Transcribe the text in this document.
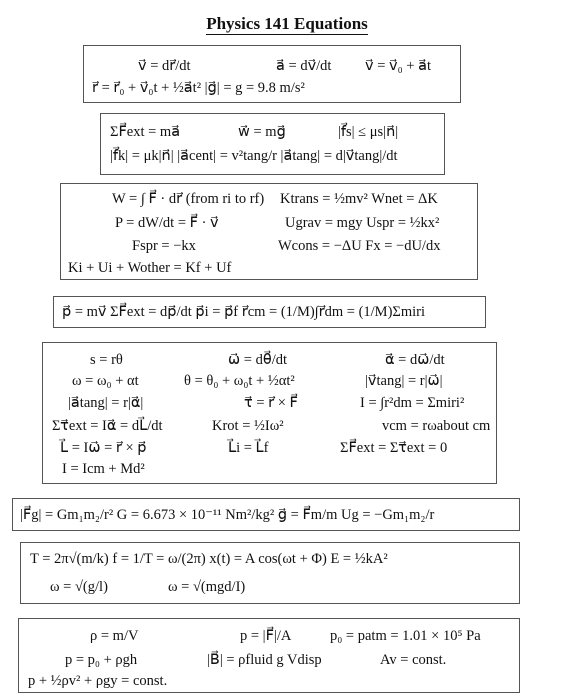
Physics 141 Equations
v⃗ = dr⃗/dt	a⃗ = dv⃗/dt v⃗ = v⃗₀ + a⃗t
r⃗ = r⃗₀ + v⃗₀t + ½a⃗t² |g⃗| = g = 9.8 m/s²
ΣF⃗ext = ma⃗	w⃗ = mg⃗	|f⃗s| ≤ μs|n⃗|
|f⃗k| = μk|n⃗| |a⃗cent| = v²tang/r |a⃗tang| = d|v⃗tang|/dt
W = ∫ F⃗ · dr⃗ (from ri to rf) Ktrans = ½mv² Wnet = ΔK
P = dW/dt = F⃗ · v⃗	Ugrav = mgy Uspr = ½kx²
Fspr = −kx	Wcons = −ΔU Fx = −dU/dx
Ki + Ui + Wother = Kf + Uf
p⃗ = mv⃗ ΣF⃗ext = dp⃗/dt p⃗i = p⃗f r⃗cm = (1/M)∫r⃗dm = (1/M)Σmiri
s = rθ	ω⃗ = dθ⃗/dt	α⃗ = dω⃗/dt
ω = ω₀ + αt	θ = θ₀ + ω₀t + ½αt²	|v⃗tang| = r|ω⃗|
|a⃗tang| = r|α⃗|	τ⃗ = r⃗ × F⃗	I = ∫r²dm = Σmiri²
Στ⃗ext = Iα⃗ = dL⃗/dt	Krot = ½Iω²	vcm = rωabout cm
L⃗ = Iω⃗ = r⃗ × p⃗	L⃗i = L⃗f	ΣF⃗ext = Στ⃗ext = 0
I = Icm + Md²
|F⃗g| = Gm₁m₂/r² G = 6.673 × 10⁻¹¹ Nm²/kg² g⃗ = F⃗m/m Ug = −Gm₁m₂/r
T = 2π√(m/k) f = 1/T = ω/(2π) x(t) = A cos(ωt + Φ) E = ½kA²
ω = √(g/l)	ω = √(mgd/I)
ρ = m/V	p = |F⃗|/A	p₀ = patm = 1.01 × 10⁵ Pa
p = p₀ + ρgh	|B⃗| = ρfluid g Vdisp	Av = const.
p + ½ρv² + ρgy = const.
